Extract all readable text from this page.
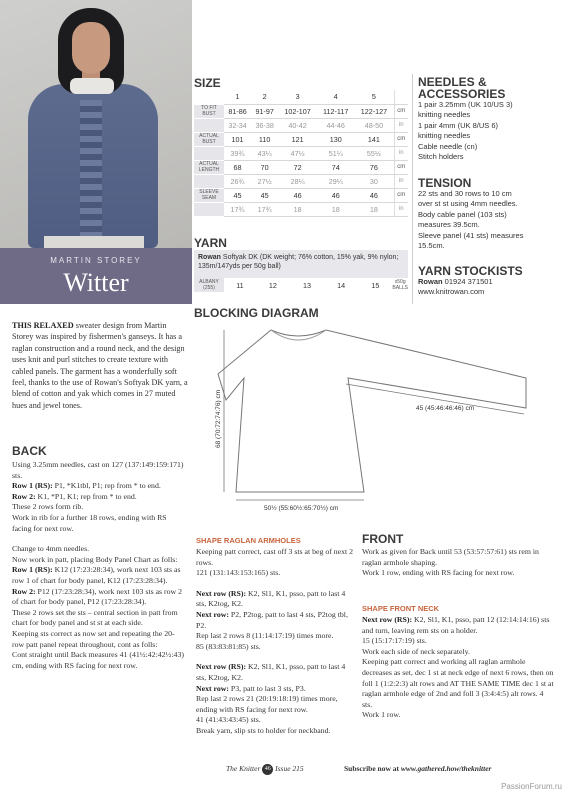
MARTIN STOREY
Witter
THIS RELAXED sweater design from Martin Storey was inspired by fishermen's ganseys. It has a raglan construction and a round neck, and the design uses knit and purl stitches to create texture with cabled panels. The garment has a wonderfully soft feel, thanks to the use of Rowan's Softyak DK yarn, a blend of cotton and yak which comes in 27 muted hues and jewel tones.
SIZE
	1	2	3	4	5	
TO FIT BUST	81-86	91-97	102-107	112-117	122-127	cm
	32-34	36-38	40-42	44-46	48-50	in
ACTUAL BUST	101	110	121	130	141	cm
	39¾	43¼	47½	51¼	55½	in
ACTUAL LENGTH	68	70	72	74	76	cm
	26¾	27½	28¼	29¼	30	in
SLEEVE SEAM	45	45	46	46	46	cm
	17¾	17¾	18	18	18	in
YARN
Rowan Softyak DK (DK weight; 76% cotton, 15% yak, 9% nylon; 135m/147yds per 50g ball)
ALBANY (255)	11	12	13	14	15	x50g BALLS
NEEDLES & ACCESSORIES
1 pair 3.25mm (UK 10/US 3)
knitting needles
1 pair 4mm (UK 8/US 6)
knitting needles
Cable needle (cn)
Stitch holders
TENSION
22 sts and 30 rows to 10 cm
over st st using 4mm needles.
Body cable panel (103 sts)
measures 39.5cm.
Sleeve panel (41 sts) measures
15.5cm.
YARN STOCKISTS
Rowan 01924 371501
www.knitrowan.com
BLOCKING DIAGRAM
68 (70:72:74:76) cm	45 (45:46:46:46) cm
50½ (55:60½:65:70½) cm
BACK

Using 3.25mm needles, cast on 127 (137:149:159:171) sts.

Row 1 (RS): P1, *K1tbl, P1; rep from * to end.

Row 2: K1, *P1, K1; rep from * to end.

These 2 rows form rib.

Work in rib for a further 18 rows, ending with RS facing for next row.

Change to 4mm needles.

Now work in patt, placing Body Panel Chart as folls:

Row 1 (RS): K12 (17:23:28:34), work next 103 sts as row 1 of chart for body panel, K12 (17:23:28:34).

Row 2: P12 (17:23:28:34), work next 103 sts as row 2 of chart for body panel, P12 (17:23:28:34).

These 2 rows set the sts – central section in patt from chart for body panel and st st at each side.

Keeping sts correct as now set and repeating the 20-row patt panel repeat throughout, cont as folls:

Cont straight until Back measures 41 (41½:42:42½:43) cm, ending with RS facing for next row.

SHAPE RAGLAN ARMHOLES

Keeping patt correct, cast off 3 sts at beg of next 2 rows.

121 (131:143:153:165) sts.

Next row (RS): K2, Sl1, K1, psso, patt to last 4 sts, K2tog, K2.

Next row: P2, P2tog, patt to last 4 sts, P2tog tbl, P2.

Rep last 2 rows 8 (11:14:17:19) times more.

85 (83:83:81:85) sts.

Next row (RS): K2, Sl1, K1, psso, patt to last 4 sts, K2tog, K2.

Next row: P3, patt to last 3 sts, P3.

Rep last 2 rows 21 (20:19:18:19) times more, ending with RS facing for next row.

41 (41:43:43:45) sts.

Break yarn, slip sts to holder for neckband.

FRONT

Work as given for Back until 53 (53:57:57:61) sts rem in raglan armhole shaping.

Work 1 row, ending with RS facing for next row.

SHAPE FRONT NECK

Next row (RS): K2, Sl1, K1, psso, patt 12 (12:14:14:16) sts and turn, leaving rem sts on a holder.

15 (15:17:17:19) sts.

Work each side of neck separately.

Keeping patt correct and working all raglan armhole decreases as set, dec 1 st at neck edge of next 6 rows, then on foll 1 (1:2:2:3) alt rows and AT THE SAME TIME dec 1 st at raglan armhole edge of 2nd and foll 3 (3:4:4:5) alt rows. 4 sts.

Work 1 row.

The Knitter 46 Issue 215	Subscribe now at www.gathered.how/theknitter
PassionForum.ru
